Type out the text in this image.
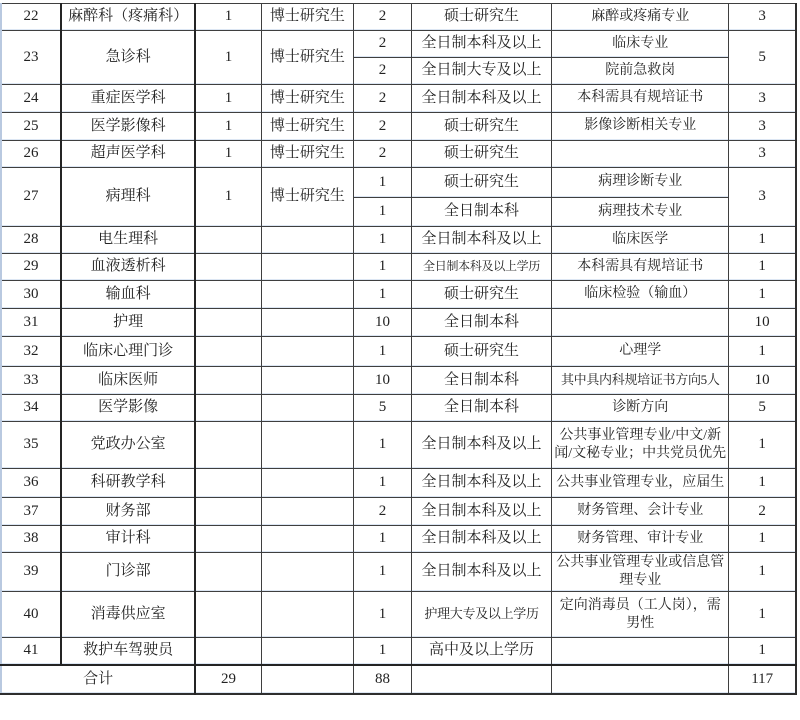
22	麻醉科（疼痛科）	1	博士研究生	2	硕士研究生	麻醉或疼痛专业	3
23	急诊科	1	博士研究生	2	全日制本科及以上	临床专业	5
				2	全日制大专及以上	院前急救岗	
24	重症医学科	1	博士研究生	2	全日制本科及以上	本科需具有规培证书	3
25	医学影像科	1	博士研究生	2	硕士研究生	影像诊断相关专业	3
26	超声医学科	1	博士研究生	2	硕士研究生		3
27	病理科	1	博士研究生	1	硕士研究生	病理诊断专业	3
				1	全日制本科	病理技术专业	
28	电生理科			1	全日制本科及以上	临床医学	1
29	血液透析科			1	全日制本科及以上学历	本科需具有规培证书	1
30	输血科			1	硕士研究生	临床检验（输血）	1
31	护理			10	全日制本科		10
32	临床心理门诊			1	硕士研究生	心理学	1
33	临床医师			10	全日制本科	其中具内科规培证书方向5人	10
34	医学影像			5	全日制本科	诊断方向	5
35	党政办公室			1	全日制本科及以上	公共事业管理专业/中文/新闻/文秘专业；中共党员优先	1
36	科研教学科			1	全日制本科及以上	公共事业管理专业，应届生	1
37	财务部			2	全日制本科及以上	财务管理、会计专业	2
38	审计科			1	全日制本科及以上	财务管理、审计专业	1
39	门诊部			1	全日制本科及以上	公共事业管理专业或信息管理专业	1
40	消毒供应室			1	护理大专及以上学历	定向消毒员（工人岗），需男性	1
41	救护车驾驶员			1	高中及以上学历		1
合计		29		88			117
